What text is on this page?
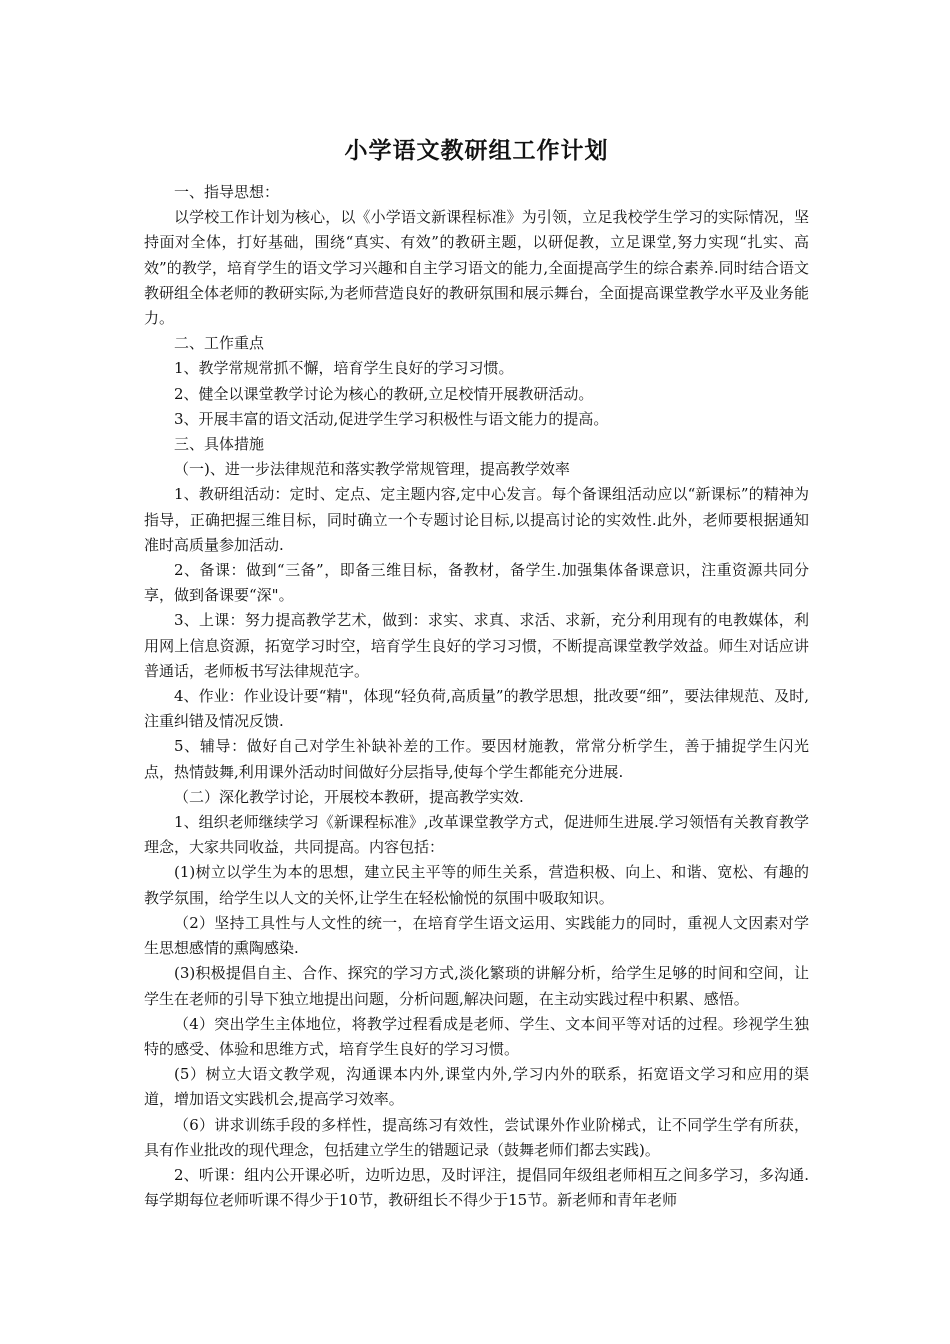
小学语文教研组工作计划

一、指导思想：

以学校工作计划为核心，以《小学语文新课程标准》为引领，立足我校学生学习的实际情况，坚持面对全体，打好基础，围绕“真实、有效”的教研主题，以研促教，立足课堂,努力实现“扎实、高效”的教学，培育学生的语文学习兴趣和自主学习语文的能力,全面提高学生的综合素养.同时结合语文教研组全体老师的教研实际,为老师营造良好的教研氛围和展示舞台，全面提高课堂教学水平及业务能力。

二、工作重点

1、教学常规常抓不懈，培育学生良好的学习习惯。

2、健全以课堂教学讨论为核心的教研,立足校情开展教研活动。

3、开展丰富的语文活动,促进学生学习积极性与语文能力的提高。

三、具体措施

（一)、进一步法律规范和落实教学常规管理，提高教学效率

1、教研组活动：定时、定点、定主题内容,定中心发言。每个备课组活动应以“新课标”的精神为指导，正确把握三维目标，同时确立一个专题讨论目标,以提高讨论的实效性.此外，老师要根据通知准时高质量参加活动.

2、备课：做到“三备”，即备三维目标，备教材，备学生.加强集体备课意识，注重资源共同分享，做到备课要“深"。

3、上课：努力提高教学艺术，做到：求实、求真、求活、求新，充分利用现有的电教媒体，利用网上信息资源，拓宽学习时空，培育学生良好的学习习惯，不断提高课堂教学效益。师生对话应讲普通话，老师板书写法律规范字。

4、作业：作业设计要“精"，体现“轻负荷,高质量”的教学思想，批改要“细”，要法律规范、及时,注重纠错及情况反馈.

5、辅导：做好自己对学生补缺补差的工作。要因材施教，常常分析学生，善于捕捉学生闪光点，热情鼓舞,利用课外活动时间做好分层指导,使每个学生都能充分进展.

（二）深化教学讨论，开展校本教研，提高教学实效.

1、组织老师继续学习《新课程标准》,改革课堂教学方式，促进师生进展.学习领悟有关教育教学理念，大家共同收益，共同提高。内容包括：

(1)树立以学生为本的思想，建立民主平等的师生关系，营造积极、向上、和谐、宽松、有趣的教学氛围，给学生以人文的关怀,让学生在轻松愉悦的氛围中吸取知识。

（2）坚持工具性与人文性的统一，在培育学生语文运用、实践能力的同时，重视人文因素对学生思想感情的熏陶感染.

(3)积极提倡自主、合作、探究的学习方式,淡化繁琐的讲解分析，给学生足够的时间和空间，让学生在老师的引导下独立地提出问题，分析问题,解决问题，在主动实践过程中积累、感悟。

（4）突出学生主体地位，将教学过程看成是老师、学生、文本间平等对话的过程。珍视学生独特的感受、体验和思维方式，培育学生良好的学习习惯。

(5）树立大语文教学观，沟通课本内外,课堂内外,学习内外的联系，拓宽语文学习和应用的渠道，增加语文实践机会,提高学习效率。

（6）讲求训练手段的多样性，提高练习有效性，尝试课外作业阶梯式，让不同学生学有所获，具有作业批改的现代理念，包括建立学生的错题记录（鼓舞老师们都去实践)。

2、听课：组内公开课必听，边听边思，及时评注，提倡同年级组老师相互之间多学习，多沟通.每学期每位老师听课不得少于10节，教研组长不得少于15节。新老师和青年老师
